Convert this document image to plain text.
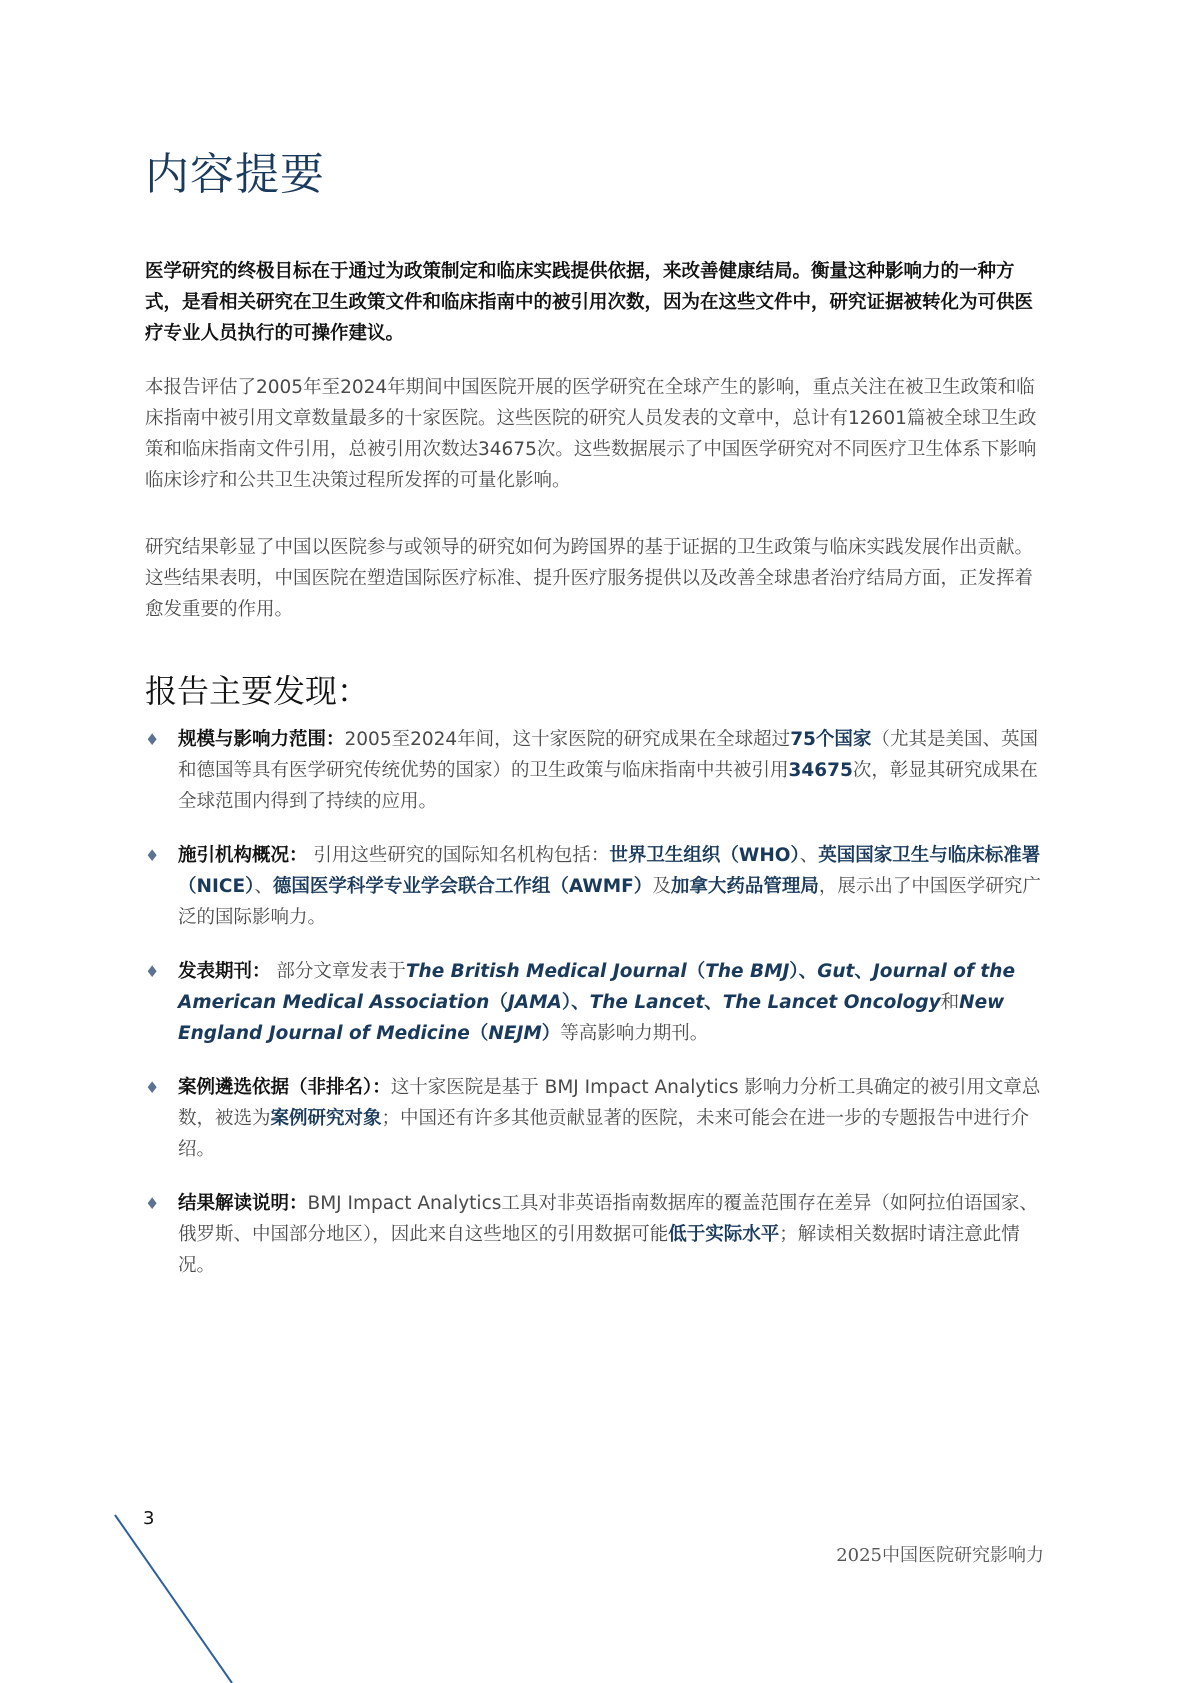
内容提要

医学研究的终极目标在于通过为政策制定和临床实践提供依据，来改善健康结局。衡量这种影响力的一种方式，是看相关研究在卫生政策文件和临床指南中的被引用次数，因为在这些文件中，研究证据被转化为可供医疗专业人员执行的可操作建议。

本报告评估了2005年至2024年期间中国医院开展的医学研究在全球产生的影响，重点关注在被卫生政策和临床指南中被引用文章数量最多的十家医院。这些医院的研究人员发表的文章中，总计有12601篇被全球卫生政策和临床指南文件引用，总被引用次数达34675次。这些数据展示了中国医学研究对不同医疗卫生体系下影响临床诊疗和公共卫生决策过程所发挥的可量化影响。

研究结果彰显了中国以医院参与或领导的研究如何为跨国界的基于证据的卫生政策与临床实践发展作出贡献。这些结果表明，中国医院在塑造国际医疗标准、提升医疗服务提供以及改善全球患者治疗结局方面，正发挥着愈发重要的作用。

报告主要发现：
♦ 规模与影响力范围：2005至2024年间，这十家医院的研究成果在全球超过75个国家（尤其是美国、英国和德国等具有医学研究传统优势的国家）的卫生政策与临床指南中共被引用34675次，彰显其研究成果在全球范围内得到了持续的应用。
♦ 施引机构概况： 引用这些研究的国际知名机构包括：世界卫生组织（WHO）、英国国家卫生与临床标准署（NICE）、德国医学科学专业学会联合工作组（AWMF）及加拿大药品管理局，展示出了中国医学研究广泛的国际影响力。
♦ 发表期刊： 部分文章发表于The British Medical Journal（The BMJ）、Gut、Journal of the American Medical Association（JAMA）、The Lancet、The Lancet Oncology和New England Journal of Medicine（NEJM）等高影响力期刊。
♦ 案例遴选依据（非排名）：这十家医院是基于 BMJ Impact Analytics 影响力分析工具确定的被引用文章总数，被选为案例研究对象；中国还有许多其他贡献显著的医院，未来可能会在进一步的专题报告中进行介绍。
♦ 结果解读说明：BMJ Impact Analytics工具对非英语指南数据库的覆盖范围存在差异（如阿拉伯语国家、俄罗斯、中国部分地区），因此来自这些地区的引用数据可能低于实际水平；解读相关数据时请注意此情况。
3
2025中国医院研究影响力
